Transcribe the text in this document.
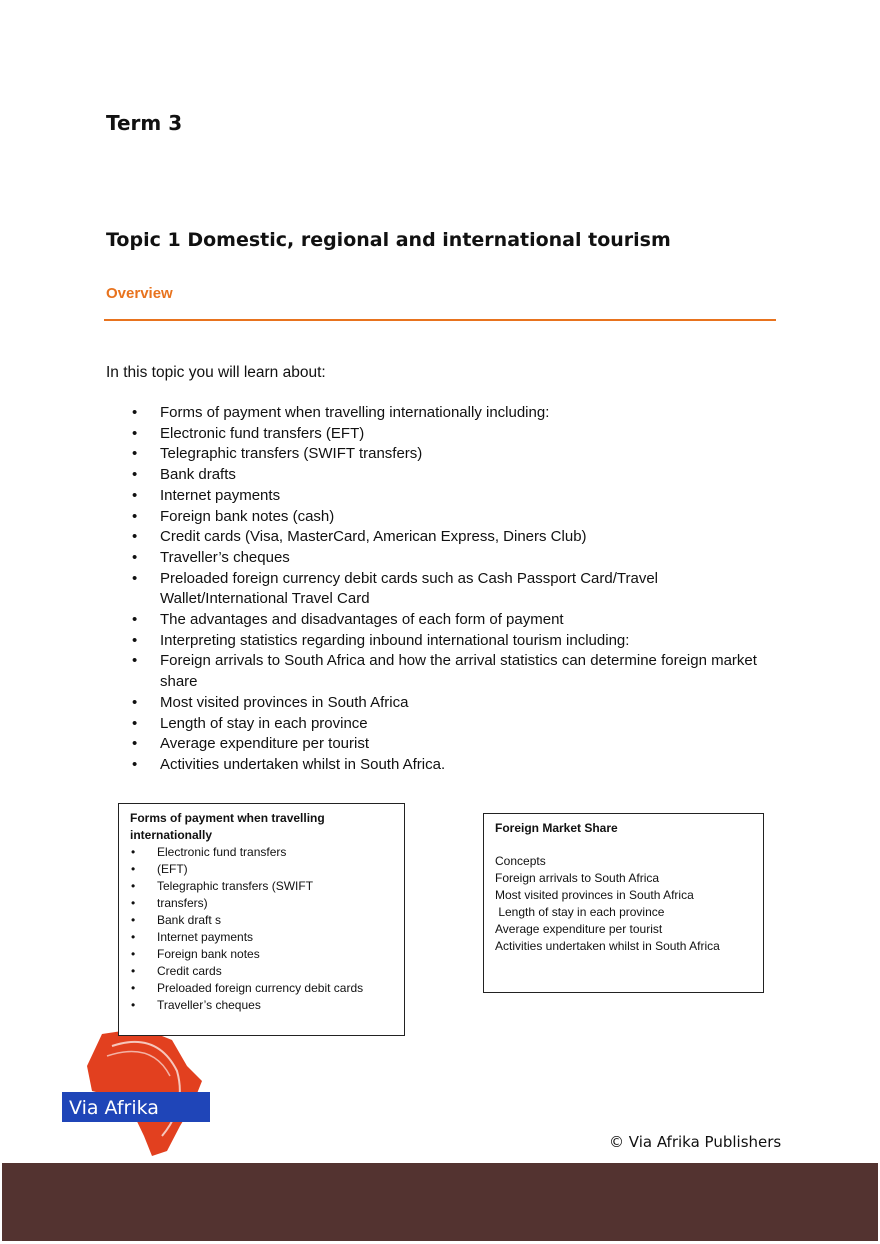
Term 3
Topic 1 Domestic, regional and international tourism
Overview
In this topic you will learn about:
• Forms of payment when travelling internationally including:
• Electronic fund transfers (EFT)
• Telegraphic transfers (SWIFT transfers)
• Bank drafts
• Internet payments
• Foreign bank notes (cash)
• Credit cards (Visa, MasterCard, American Express, Diners Club)
• Traveller’s cheques
• Preloaded foreign currency debit cards such as Cash Passport Card/Travel Wallet/International Travel Card
• The advantages and disadvantages of each form of payment
• Interpreting statistics regarding inbound international tourism including:
• Foreign arrivals to South Africa and how the arrival statistics can determine foreign market share
• Most visited provinces in South Africa
• Length of stay in each province
• Average expenditure per tourist
• Activities undertaken whilst in South Africa.
Forms of payment when travelling internationally
• Electronic fund transfers
• (EFT)
• Telegraphic transfers (SWIFT
• transfers)
• Bank draft s
• Internet payments
• Foreign bank notes
• Credit cards
• Preloaded foreign currency debit cards
• Traveller’s cheques
Foreign Market Share
Concepts
Foreign arrivals to South Africa
Most visited provinces in South Africa
Length of stay in each province
Average expenditure per tourist
Activities undertaken whilst in South Africa
Via Afrika
© Via Afrika Publishers
